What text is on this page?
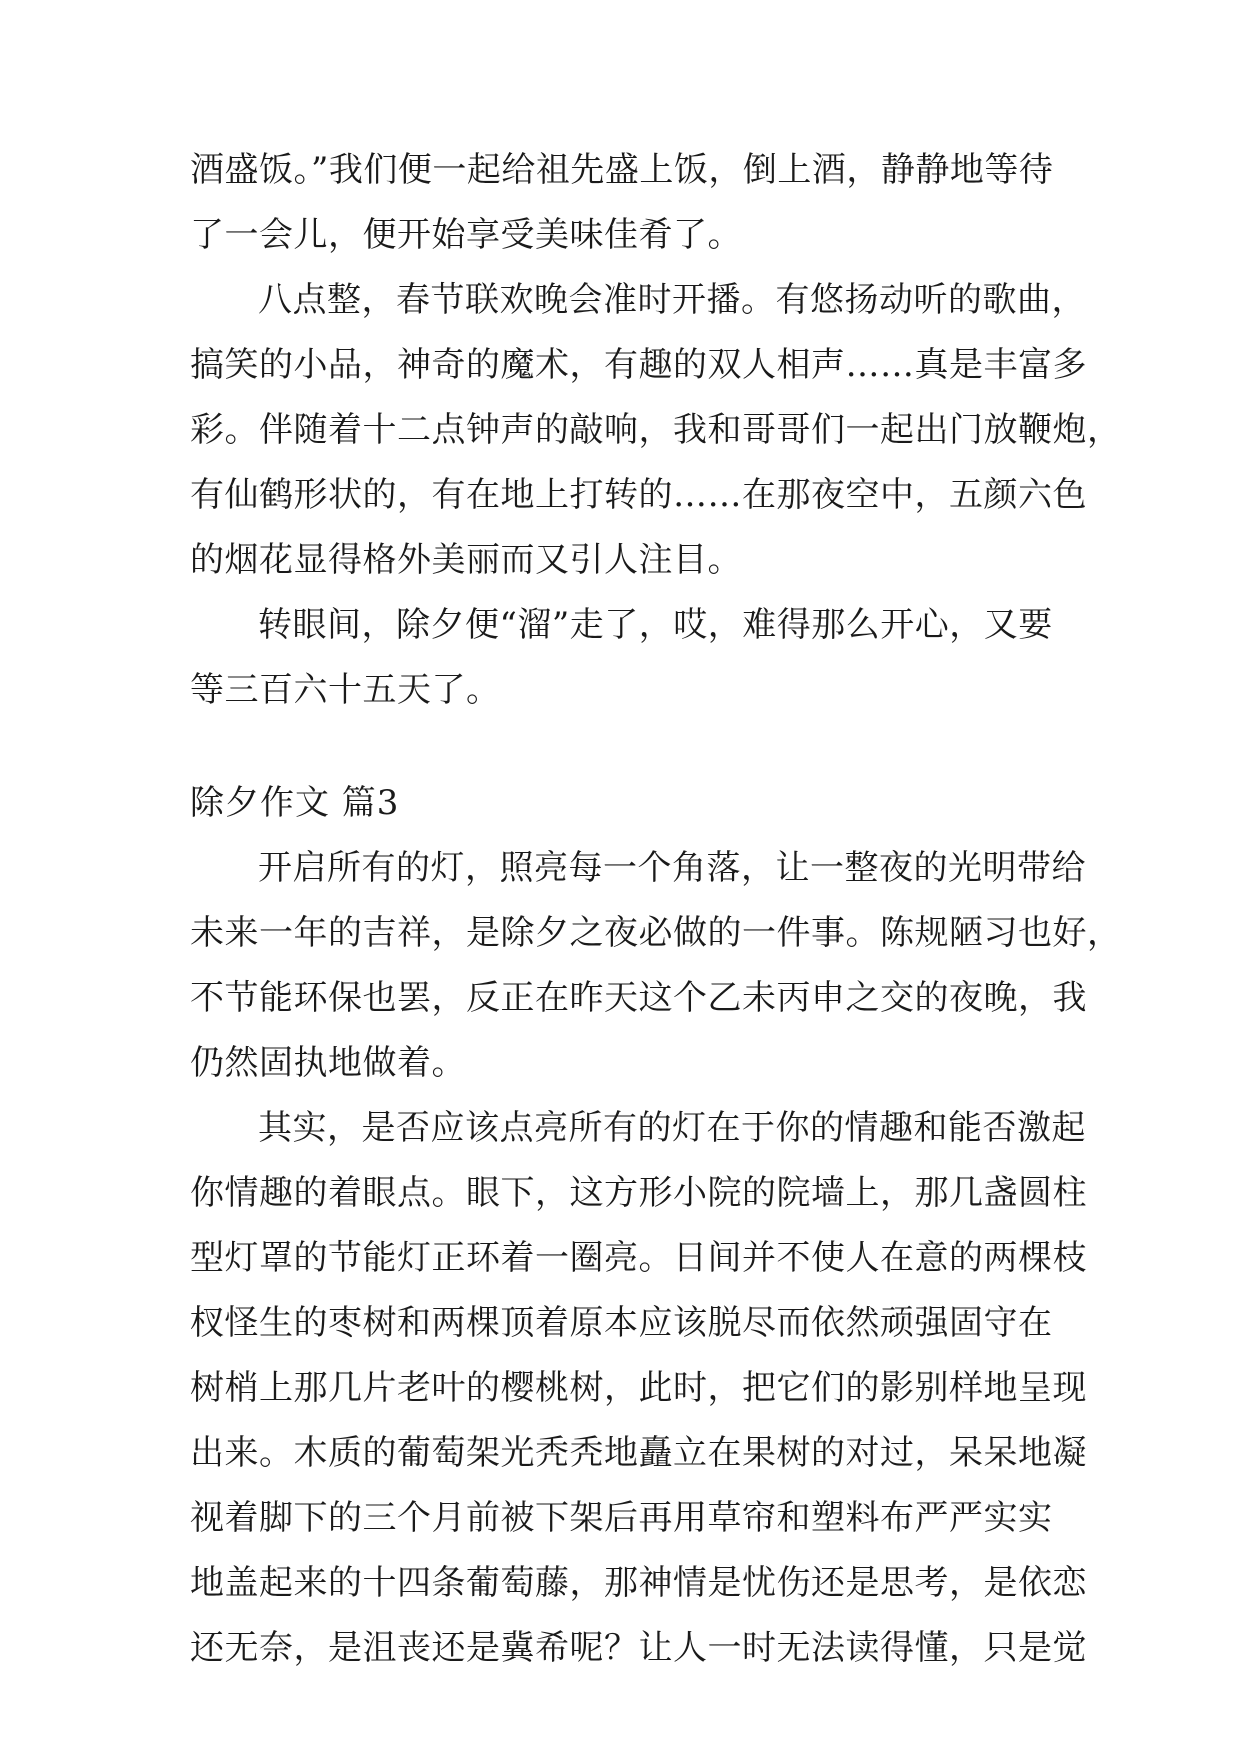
酒盛饭。”我们便一起给祖先盛上饭，倒上酒，静静地等待
了一会儿，便开始享受美味佳肴了。
八点整，春节联欢晚会准时开播。有悠扬动听的歌曲，
搞笑的小品，神奇的魔术，有趣的双人相声……真是丰富多
彩。伴随着十二点钟声的敲响，我和哥哥们一起出门放鞭炮，
有仙鹤形状的，有在地上打转的……在那夜空中，五颜六色
的烟花显得格外美丽而又引人注目。
转眼间，除夕便“溜”走了，哎，难得那么开心，又要
等三百六十五天了。
除夕作文 篇3
开启所有的灯，照亮每一个角落，让一整夜的光明带给
未来一年的吉祥，是除夕之夜必做的一件事。陈规陋习也好，
不节能环保也罢，反正在昨天这个乙未丙申之交的夜晚，我
仍然固执地做着。
其实，是否应该点亮所有的灯在于你的情趣和能否激起
你情趣的着眼点。眼下，这方形小院的院墙上，那几盏圆柱
型灯罩的节能灯正环着一圈亮。日间并不使人在意的两棵枝
杈怪生的枣树和两棵顶着原本应该脱尽而依然顽强固守在
树梢上那几片老叶的樱桃树，此时，把它们的影别样地呈现
出来。木质的葡萄架光秃秃地矗立在果树的对过，呆呆地凝
视着脚下的三个月前被下架后再用草帘和塑料布严严实实
地盖起来的十四条葡萄藤，那神情是忧伤还是思考，是依恋
还无奈，是沮丧还是冀希呢？让人一时无法读得懂，只是觉
